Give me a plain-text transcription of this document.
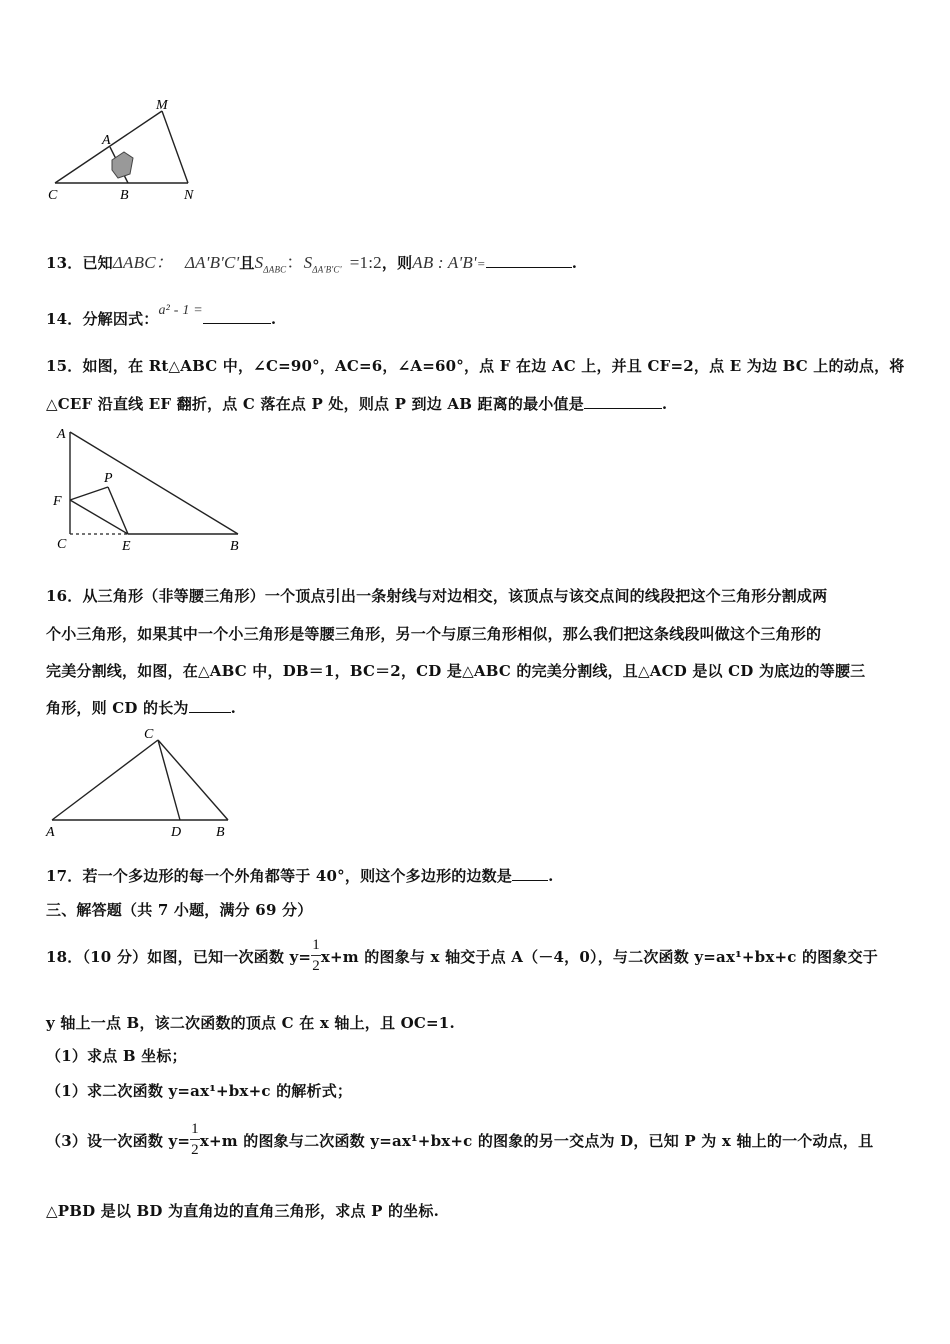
M
A
C	B	N
13．已知ΔABC： ΔA'B'C'且$S_{\Delta ABC}$：$S_{\Delta A'B'C'}$ =1:2，则AB : A'B'=	.
14．分解因式：a² - 1 =	.
15．如图，在 Rt△ABC 中，∠C=90°，AC=6，∠A=60°，点 F 在边 AC 上，并且 CF=2，点 E 为边 BC 上的动点，将
△CEF 沿直线 EF 翻折，点 C 落在点 P 处，则点 P 到边 AB 距离的最小值是	.
A
P
F
C	E	B
16．从三角形（非等腰三角形）一个顶点引出一条射线与对边相交，该顶点与该交点间的线段把这个三角形分割成两
个小三角形，如果其中一个小三角形是等腰三角形，另一个与原三角形相似，那么我们把这条线段叫做这个三角形的
完美分割线，如图，在△ABC 中，DB＝1，BC＝2，CD 是△ABC 的完美分割线，且△ACD 是以 CD 为底边的等腰三
角形，则 CD 的长为	.
C
A	D B
17．若一个多边形的每一个外角都等于 40°，则这个多边形的边数是 .
三、解答题（共 7 小题，满分 69 分）
18．（10 分）如图，已知一次函数 $y= \frac{1}{2} x+m$ 的图象与 x 轴交于点 A（－4，0），与二次函数 y=ax¹+bx+c 的图象交于
y 轴上一点 B，该二次函数的顶点 C 在 x 轴上，且 OC=1.
（1）求点 B 坐标；
（1）求二次函数 y=ax¹+bx+c 的解析式；
（3）设一次函数 $y= \frac{1}{2} x+m$ 的图象与二次函数 y=ax¹+bx+c 的图象的另一交点为 D，已知 P 为 x 轴上的一个动点，且
△PBD 是以 BD 为直角边的直角三角形，求点 P 的坐标.
